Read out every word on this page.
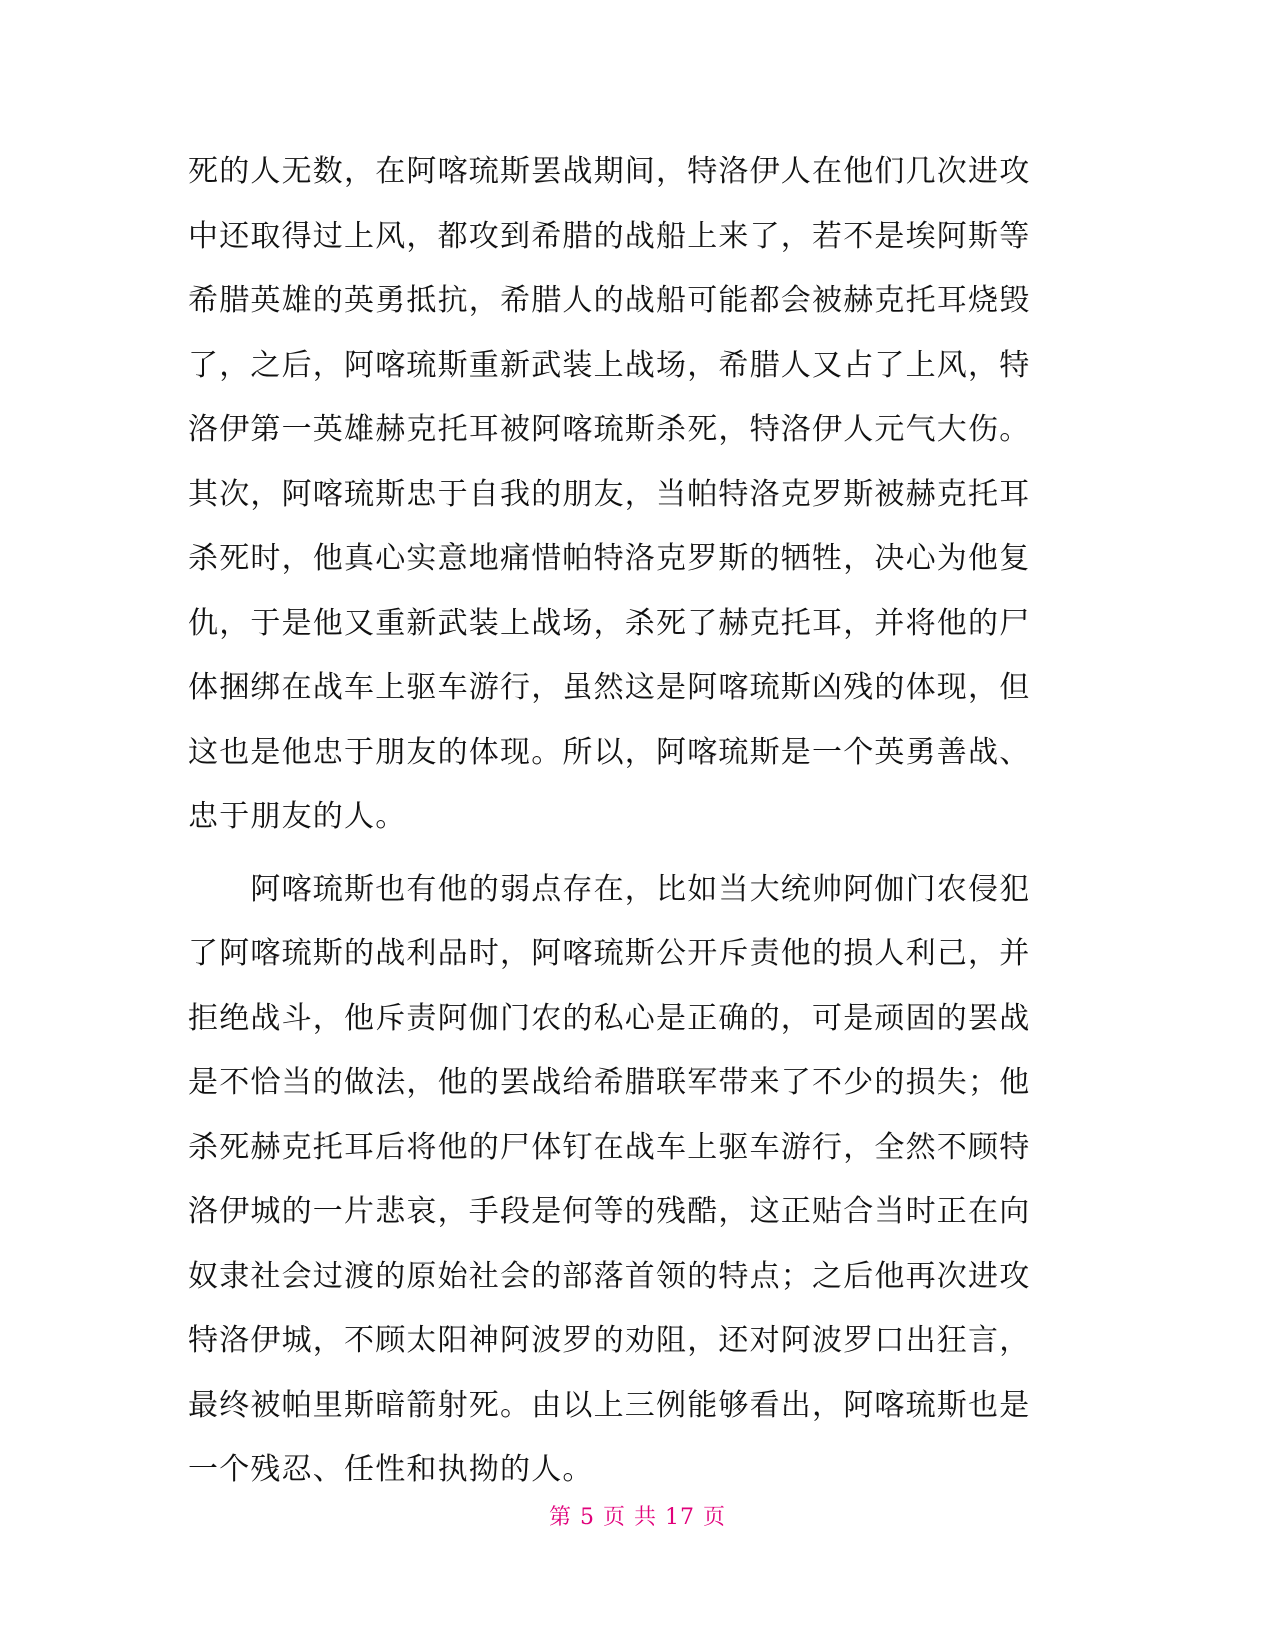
死的人无数，在阿喀琉斯罢战期间，特洛伊人在他们几次进攻
中还取得过上风，都攻到希腊的战船上来了，若不是埃阿斯等
希腊英雄的英勇抵抗，希腊人的战船可能都会被赫克托耳烧毁
了，之后，阿喀琉斯重新武装上战场，希腊人又占了上风，特
洛伊第一英雄赫克托耳被阿喀琉斯杀死，特洛伊人元气大伤。
其次，阿喀琉斯忠于自我的朋友，当帕特洛克罗斯被赫克托耳
杀死时，他真心实意地痛惜帕特洛克罗斯的牺牲，决心为他复
仇，于是他又重新武装上战场，杀死了赫克托耳，并将他的尸
体捆绑在战车上驱车游行，虽然这是阿喀琉斯凶残的体现，但
这也是他忠于朋友的体现。所以，阿喀琉斯是一个英勇善战、
忠于朋友的人。
　　阿喀琉斯也有他的弱点存在，比如当大统帅阿伽门农侵犯
了阿喀琉斯的战利品时，阿喀琉斯公开斥责他的损人利己，并
拒绝战斗，他斥责阿伽门农的私心是正确的，可是顽固的罢战
是不恰当的做法，他的罢战给希腊联军带来了不少的损失；他
杀死赫克托耳后将他的尸体钉在战车上驱车游行，全然不顾特
洛伊城的一片悲哀，手段是何等的残酷，这正贴合当时正在向
奴隶社会过渡的原始社会的部落首领的特点；之后他再次进攻
特洛伊城，不顾太阳神阿波罗的劝阻，还对阿波罗口出狂言，
最终被帕里斯暗箭射死。由以上三例能够看出，阿喀琉斯也是
一个残忍、任性和执拗的人。
第 5 页 共 17 页
